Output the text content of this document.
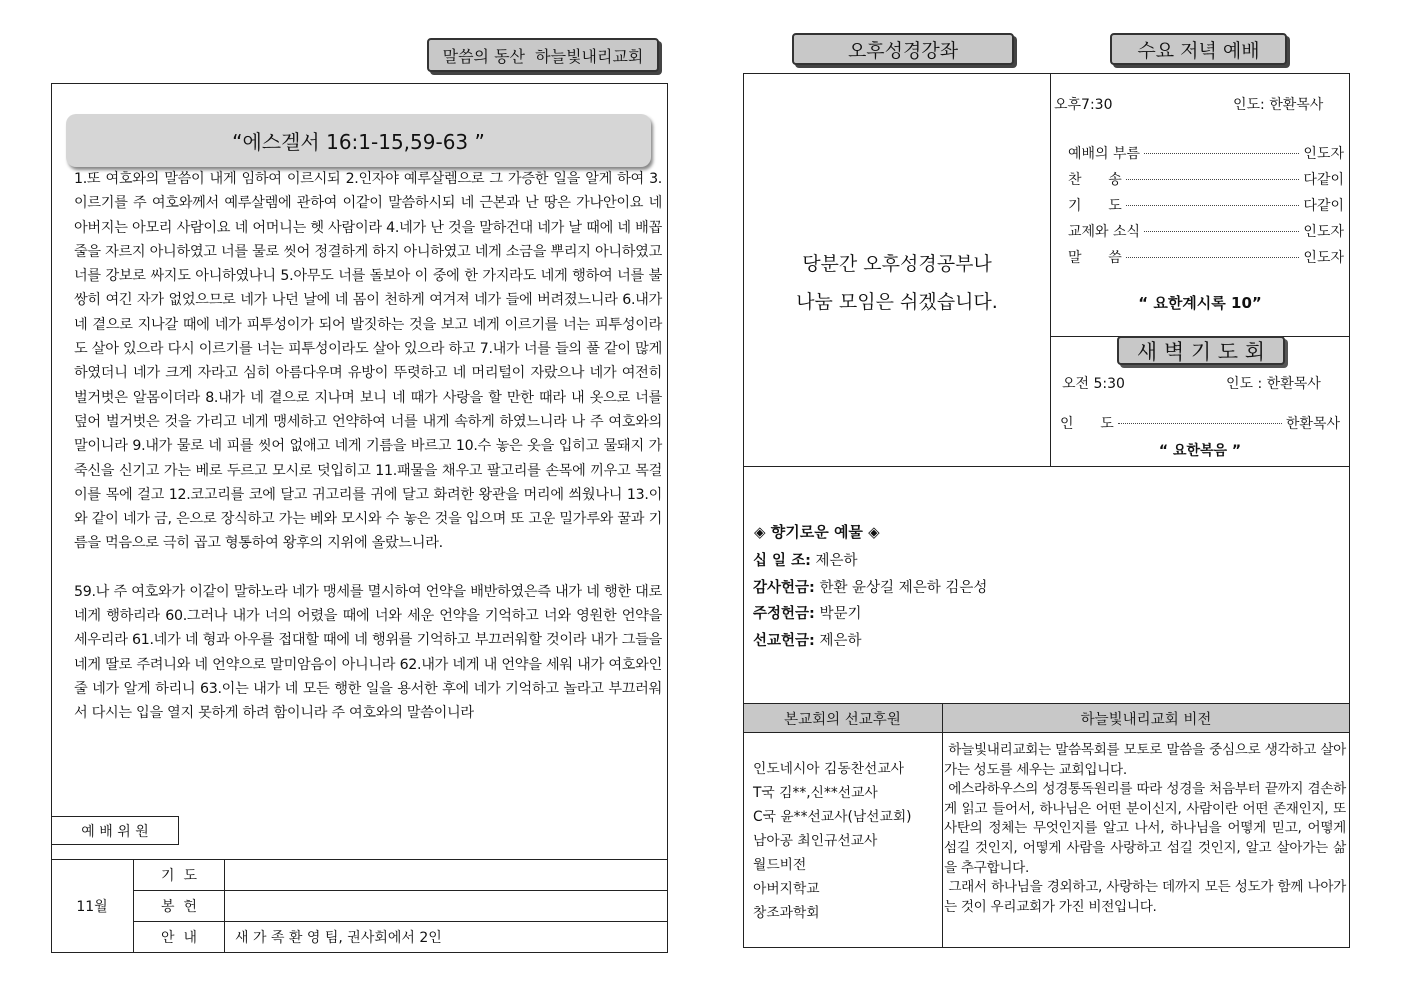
말씀의 동산  하늘빛내리교회
“에스겔서 16:1-15,59-63 ”

1.또 여호와의 말씀이 내게 임하여 이르시되 2.인자야 예루살렘으로 그 가증한 일을 알게 하여 3.이르기를 주 여호와께서 예루살렘에 관하여 이같이 말씀하시되 네 근본과 난 땅은 가나안이요 네 아버지는 아모리 사람이요 네 어머니는 헷 사람이라 4.네가 난 것을 말하건대 네가 날 때에 네 배꼽 줄을 자르지 아니하였고 너를 물로 씻어 정결하게 하지 아니하였고 네게 소금을 뿌리지 아니하였고 너를 강보로 싸지도 아니하였나니 5.아무도 너를 돌보아 이 중에 한 가지라도 네게 행하여 너를 불쌍히 여긴 자가 없었으므로 네가 나던 날에 네 몸이 천하게 여겨져 네가 들에 버려졌느니라 6.내가 네 곁으로 지나갈 때에 네가 피투성이가 되어 발짓하는 것을 보고 네게 이르기를 너는 피투성이라도 살아 있으라 다시 이르기를 너는 피투성이라도 살아 있으라 하고 7.내가 너를 들의 풀 같이 많게 하였더니 네가 크게 자라고 심히 아름다우며 유방이 뚜렷하고 네 머리털이 자랐으나 네가 여전히 벌거벗은 알몸이더라 8.내가 네 곁으로 지나며 보니 네 때가 사랑을 할 만한 때라 내 옷으로 너를 덮어 벌거벗은 것을 가리고 네게 맹세하고 언약하여 너를 내게 속하게 하였느니라 나 주 여호와의 말이니라 9.내가 물로 네 피를 씻어 없애고 네게 기름을 바르고 10.수 놓은 옷을 입히고 물돼지 가죽신을 신기고 가는 베로 두르고 모시로 덧입히고 11.패물을 채우고 팔고리를 손목에 끼우고 목걸이를 목에 걸고 12.코고리를 코에 달고 귀고리를 귀에 달고 화려한 왕관을 머리에 씌웠나니 13.이와 같이 네가 금, 은으로 장식하고 가는 베와 모시와 수 놓은 것을 입으며 또 고운 밀가루와 꿀과 기름을 먹음으로 극히 곱고 형통하여 왕후의 지위에 올랐느니라.

59.나 주 여호와가 이같이 말하노라 네가 맹세를 멸시하여 언약을 배반하였은즉 내가 네 행한 대로 네게 행하리라 60.그러나 내가 너의 어렸을 때에 너와 세운 언약을 기억하고 너와 영원한 언약을 세우리라 61.네가 네 형과 아우를 접대할 때에 네 행위를 기억하고 부끄러워할 것이라 내가 그들을 네게 딸로 주려니와 네 언약으로 말미암음이 아니니라 62.내가 네게 내 언약을 세워 내가 여호와인 줄 네가 알게 하리니 63.이는 내가 네 모든 행한 일을 용서한 후에 네가 기억하고 놀라고 부끄러워서 다시는 입을 열지 못하게 하려 함이니라 주 여호와의 말씀이니라

예 배 위 원
11월	기  도	
	봉  헌	
	안  내	새 가 족 환 영 팀, 권사회에서 2인
오후성경강좌	수요 저녁 예배
당분간 오후성경공부나
나눔 모임은 쉬겠습니다.
오후7:30	인도: 한환목사
예배의 부름	인도자
찬      송	다같이
기      도	다같이
교제와 소식	인도자
말      씀	인도자
“ 요한계시록 10”
새 벽 기 도 회
오전 5:30	인도 : 한환목사
인      도	한환목사
“ 요한복음 ”
◈ 향기로운 예물 ◈
십 일 조: 제은하
감사헌금: 한환 윤상길 제은하 김은성
주정헌금: 박문기
선교헌금: 제은하
본교회의 선교후원	하늘빛내리교회 비전
인도네시아 김동찬선교사
T국 김**,신**선교사
C국 윤**선교사(남선교회)
남아공 최인규선교사
월드비전
아버지학교
창조과학회
하늘빛내리교회는 말씀목회를 모토로 말씀을 중심으로 생각하고 살아가는 성도를 세우는 교회입니다.
에스라하우스의 성경통독원리를 따라 성경을 처음부터 끝까지 겸손하게 읽고 들어서, 하나님은 어떤 분이신지, 사람이란 어떤 존재인지, 또 사탄의 정체는 무엇인지를 알고 나서, 하나님을 어떻게 믿고, 어떻게 섬길 것인지, 어떻게 사람을 사랑하고 섬길 것인지, 알고 살아가는 삶을 추구합니다.
그래서 하나님을 경외하고, 사랑하는 데까지 모든 성도가 함께 나아가는 것이 우리교회가 가진 비전입니다.
